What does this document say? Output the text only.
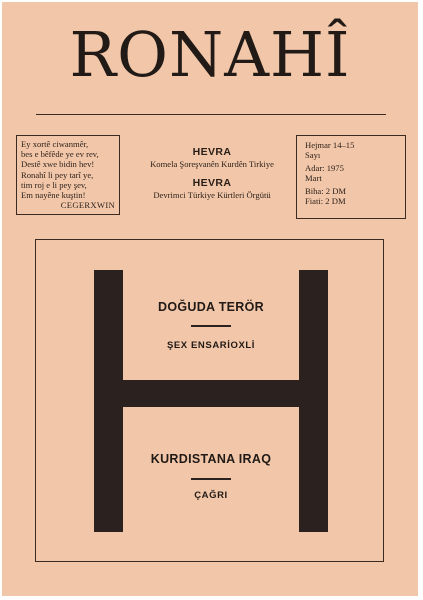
RONAHÎ
Ey xortê ciwanmêr,
bes e bêfêde ye ev rev,
Destê xwe bidin hev!
Ronahî li pey tarî ye,
tim roj e li pey şev,
Em nayêne kuştin!
CEGERXWIN
HEVRA
Komela Şoreşvanên Kurdên Tirkiye
HEVRA
Devrimci Türkiye Kürtleri Örgütü
Hejmar 14–15
Sayı
Adar: 1975
Mart
Biha: 2 DM
Fiati: 2 DM
DOĞUDA TERÖR
ŞEX ENSARİOXLİ
KURDISTANA IRAQ
ÇAĞRI
